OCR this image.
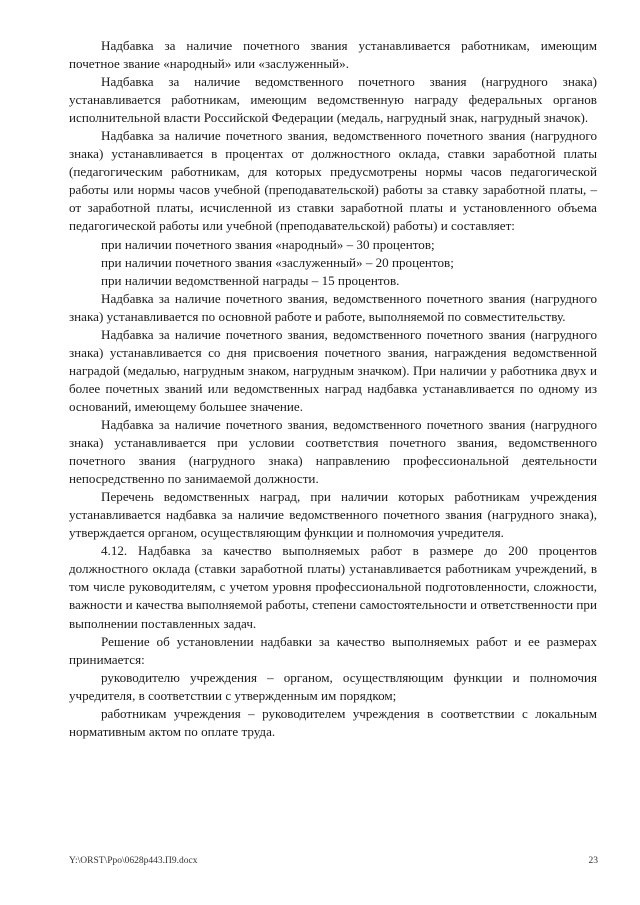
Надбавка за наличие почетного звания устанавливается работникам, имеющим почетное звание «народный» или «заслуженный».

Надбавка за наличие ведомственного почетного звания (нагрудного знака) устанавливается работникам, имеющим ведомственную награду федеральных органов исполнительной власти Российской Федерации (медаль, нагрудный знак, нагрудный значок).

Надбавка за наличие почетного звания, ведомственного почетного звания (нагрудного знака) устанавливается в процентах от должностного оклада, ставки заработной платы (педагогическим работникам, для которых предусмотрены нормы часов педагогической работы или нормы часов учебной (преподавательской) работы за ставку заработной платы, – от заработной платы, исчисленной из ставки заработной платы и установленного объема педагогической работы или учебной (преподавательской) работы) и составляет:

при наличии почетного звания «народный» – 30 процентов;

при наличии почетного звания «заслуженный» – 20 процентов;

при наличии ведомственной награды – 15 процентов.

Надбавка за наличие почетного звания, ведомственного почетного звания (нагрудного знака) устанавливается по основной работе и работе, выполняемой по совместительству.

Надбавка за наличие почетного звания, ведомственного почетного звания (нагрудного знака) устанавливается со дня присвоения почетного звания, награждения ведомственной наградой (медалью, нагрудным знаком, нагрудным значком). При наличии у работника двух и более почетных званий или ведомственных наград надбавка устанавливается по одному из оснований, имеющему большее значение.

Надбавка за наличие почетного звания, ведомственного почетного звания (нагрудного знака) устанавливается при условии соответствия почетного звания, ведомственного почетного звания (нагрудного знака) направлению профессиональной деятельности непосредственно по занимаемой должности.

Перечень ведомственных наград, при наличии которых работникам учреждения устанавливается надбавка за наличие ведомственного почетного звания (нагрудного знака), утверждается органом, осуществляющим функции и полномочия учредителя.

4.12. Надбавка за качество выполняемых работ в размере до 200 процентов должностного оклада (ставки заработной платы) устанавливается работникам учреждений, в том числе руководителям, с учетом уровня профессиональной подготовленности, сложности, важности и качества выполняемой работы, степени самостоятельности и ответственности при выполнении поставленных задач.

Решение об установлении надбавки за качество выполняемых работ и ее размерах принимается:

руководителю учреждения – органом, осуществляющим функции и полномочия учредителя, в соответствии с утвержденным им порядком;

работникам учреждения – руководителем учреждения в соответствии с локальным нормативным актом по оплате труда.

Y:\ORST\Ppo\0628p443.П9.docx	23
